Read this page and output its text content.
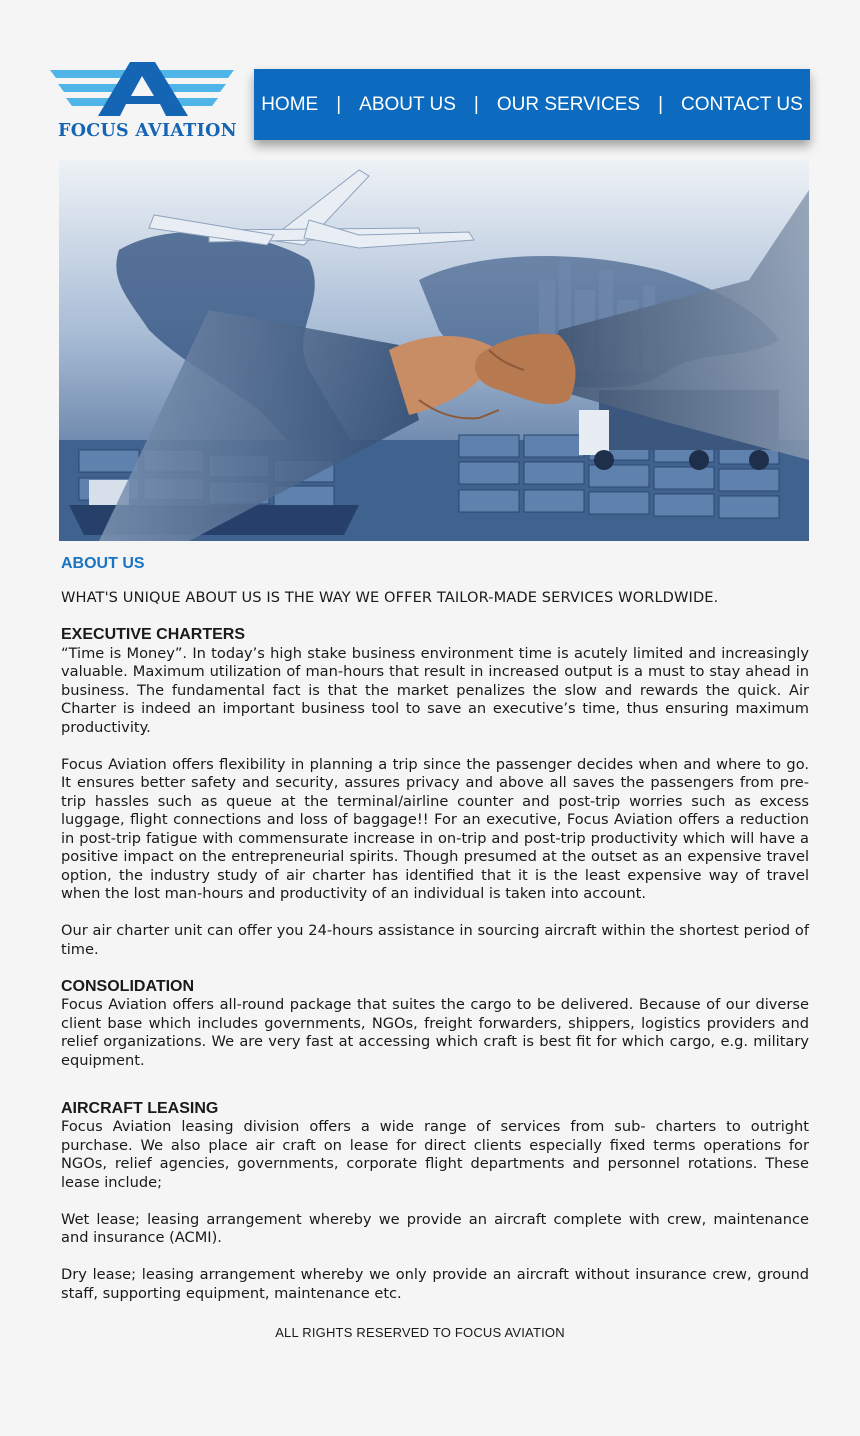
FOCUS AVIATION
HOME | ABOUT US | OUR SERVICES | CONTACT US
ABOUT US

WHAT'S UNIQUE ABOUT US IS THE WAY WE OFFER TAILOR-MADE SERVICES WORLDWIDE.

EXECUTIVE CHARTERS

“Time is Money”. In today’s high stake business environment time is acutely limited and increasingly valuable. Maximum utilization of man-hours that result in increased output is a must to stay ahead in business. The fundamental fact is that the market penalizes the slow and rewards the quick. Air Charter is indeed an important business tool to save an executive’s time, thus ensuring maximum productivity.

Focus Aviation offers flexibility in planning a trip since the passenger decides when and where to go. It ensures better safety and security, assures privacy and above all saves the passengers from pre-trip hassles such as queue at the terminal/airline counter and post-trip worries such as excess luggage, flight connections and loss of baggage!! For an executive, Focus Aviation offers a reduction in post-trip fatigue with commensurate increase in on-trip and post-trip productivity which will have a positive impact on the entrepreneurial spirits. Though presumed at the outset as an expensive travel option, the industry study of air charter has identified that it is the least expensive way of travel when the lost man-hours and productivity of an individual is taken into account.

Our air charter unit can offer you 24-hours assistance in sourcing aircraft within the shortest period of time.

CONSOLIDATION

Focus Aviation offers all-round package that suites the cargo to be delivered. Because of our diverse client base which includes governments, NGOs, freight forwarders, shippers, logistics providers and relief organizations. We are very fast at accessing which craft is best fit for which cargo, e.g. military equipment.

AIRCRAFT LEASING

Focus Aviation leasing division offers a wide range of services from sub- charters to outright purchase. We also place air craft on lease for direct clients especially fixed terms operations for NGOs, relief agencies, governments, corporate flight departments and personnel rotations. These lease include;

Wet lease; leasing arrangement whereby we provide an aircraft complete with crew, maintenance and insurance (ACMI).

Dry lease; leasing arrangement whereby we only provide an aircraft without insurance crew, ground staff, supporting equipment, maintenance etc.

ALL RIGHTS RESERVED TO FOCUS AVIATION
